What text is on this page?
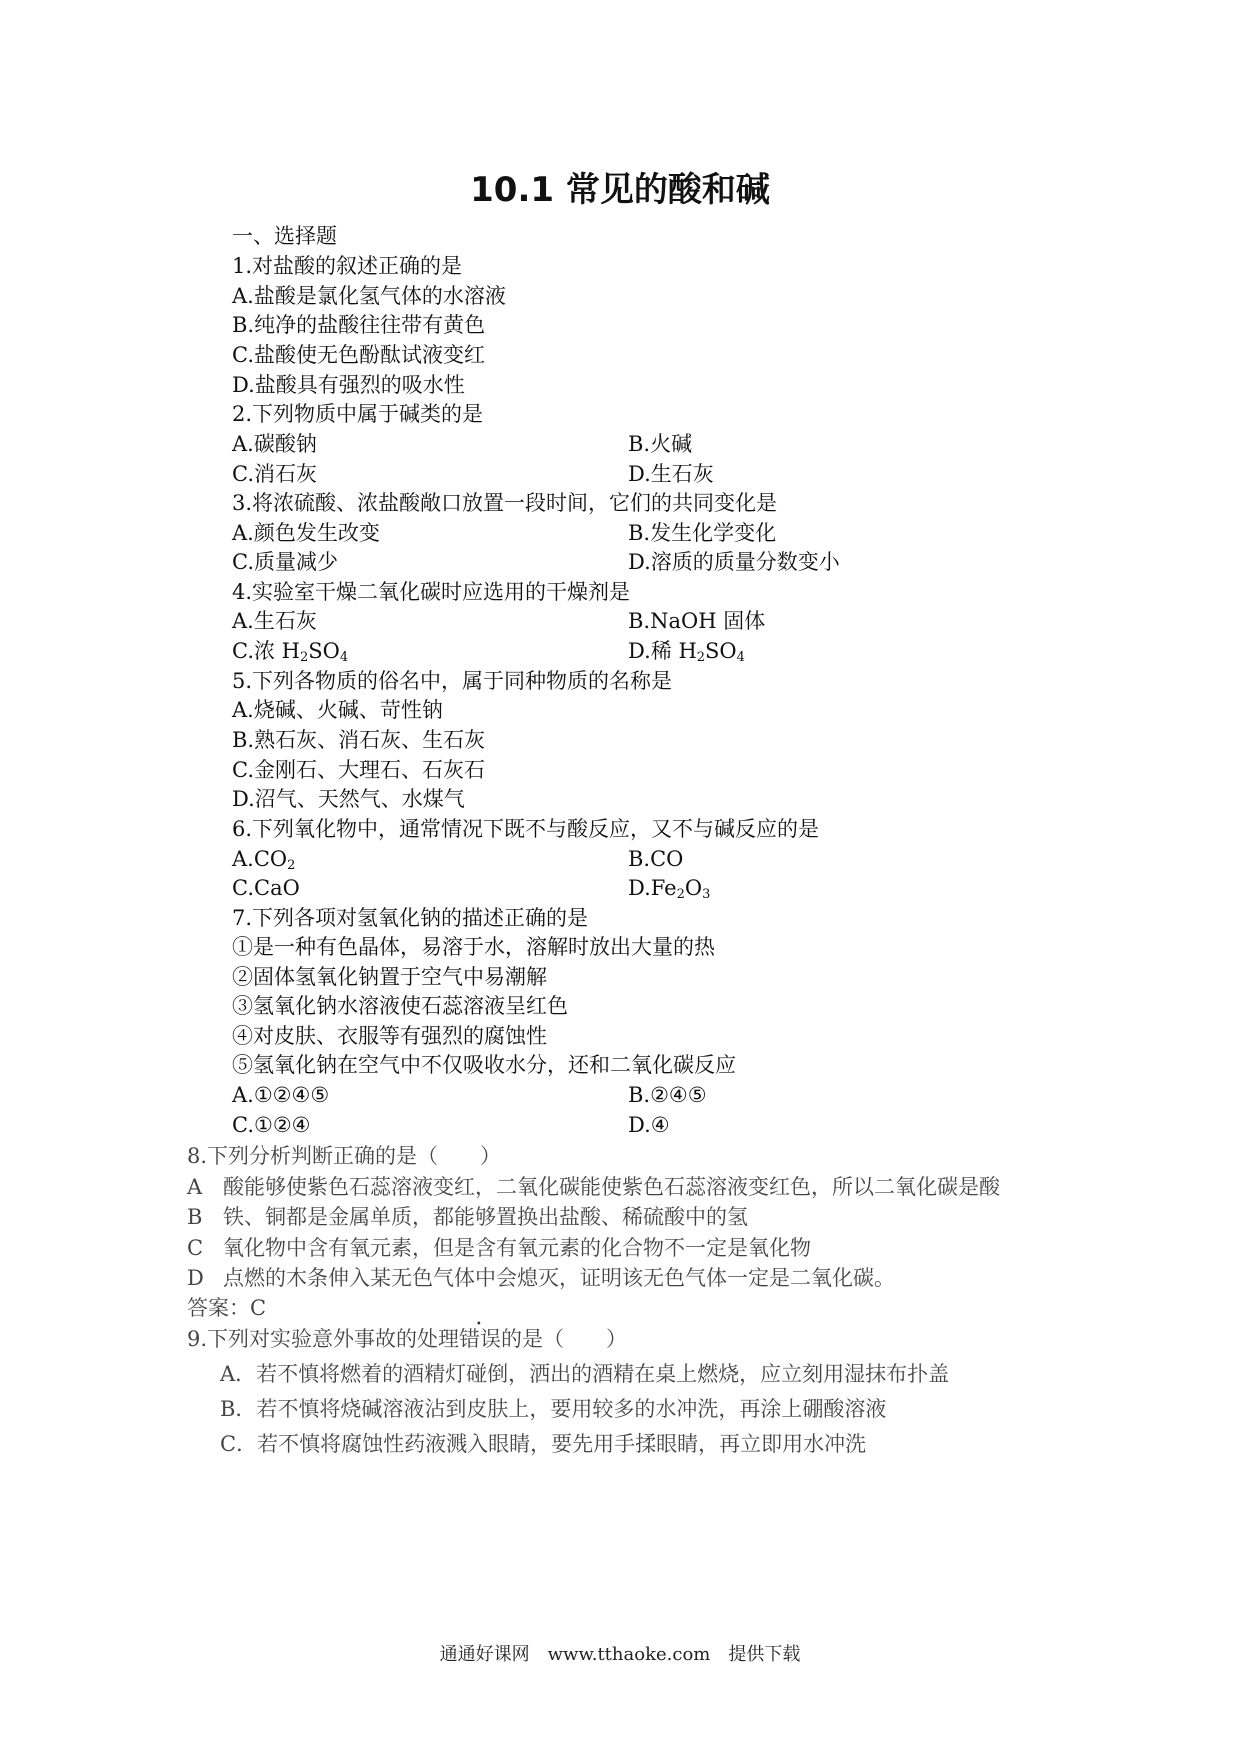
10.1 常见的酸和碱
一、选择题
1.对盐酸的叙述正确的是
A.盐酸是氯化氢气体的水溶液
B.纯净的盐酸往往带有黄色
C.盐酸使无色酚酞试液变红
D.盐酸具有强烈的吸水性
2.下列物质中属于碱类的是
A.碳酸钠	B.火碱
C.消石灰	D.生石灰
3.将浓硫酸、浓盐酸敞口放置一段时间，它们的共同变化是
A.颜色发生改变	B.发生化学变化
C.质量减少	D.溶质的质量分数变小
4.实验室干燥二氧化碳时应选用的干燥剂是
A.生石灰	B.NaOH 固体
C.浓 $H_2SO_4$	D.稀 $H_2SO_4$
5.下列各物质的俗名中，属于同种物质的名称是
A.烧碱、火碱、苛性钠
B.熟石灰、消石灰、生石灰
C.金刚石、大理石、石灰石
D.沼气、天然气、水煤气
6.下列氧化物中，通常情况下既不与酸反应，又不与碱反应的是
$A.CO_2$	B.CO
C.CaO	$D.Fe_2O_3$
7.下列各项对氢氧化钠的描述正确的是
①是一种有色晶体，易溶于水，溶解时放出大量的热
②固体氢氧化钠置于空气中易潮解
③氢氧化钠水溶液使石蕊溶液呈红色
④对皮肤、衣服等有强烈的腐蚀性
⑤氢氧化钠在空气中不仅吸收水分，还和二氧化碳反应
A.①②④⑤	B.②④⑤
C.①②④	D.④
8.下列分析判断正确的是（　　）
A 酸能够使紫色石蕊溶液变红，二氧化碳能使紫色石蕊溶液变红色，所以二氧化碳是酸
B 铁、铜都是金属单质，都能够置换出盐酸、稀硫酸中的氢
C 氧化物中含有氧元素，但是含有氧元素的化合物不一定是氧化物
D 点燃的木条伸入某无色气体中会熄灭，证明该无色气体一定是二氧化碳。
答案：C
9.下列对实验意外事故的处理错误的是（　　）
A．若不慎将燃着的酒精灯碰倒，洒出的酒精在桌上燃烧，应立刻用湿抹布扑盖
B．若不慎将烧碱溶液沾到皮肤上，要用较多的水冲洗，再涂上硼酸溶液
C．若不慎将腐蚀性药液溅入眼睛，要先用手揉眼睛，再立即用水冲洗
通通好课网　www.tthaoke.com　提供下载
